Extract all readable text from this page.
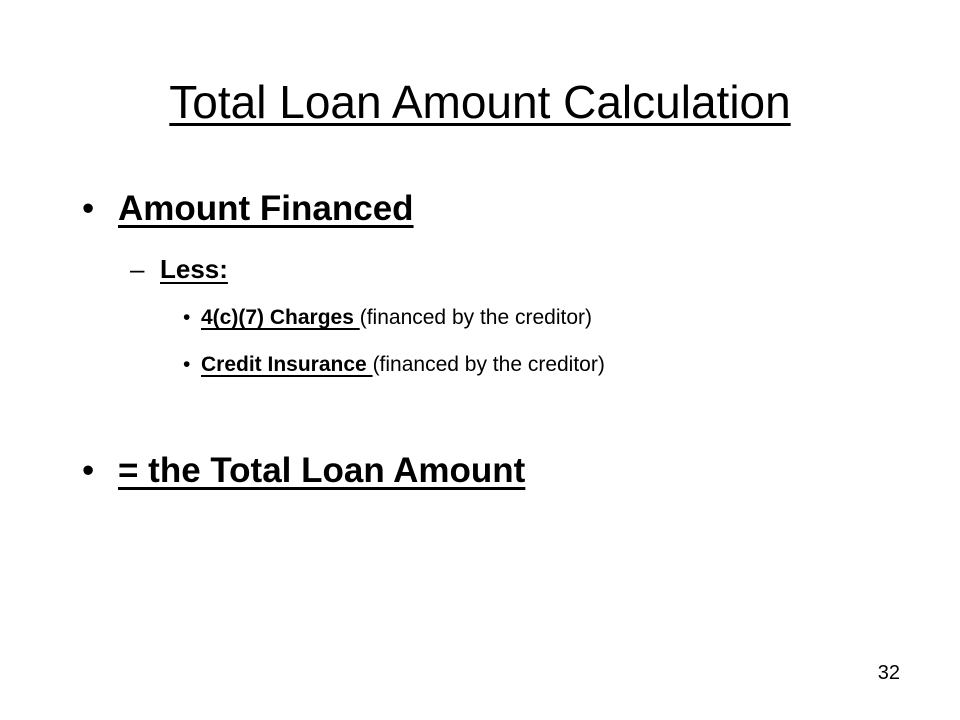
Total Loan Amount Calculation
• Amount Financed
– Less:
• 4(c)(7) Charges (financed by the creditor)
• Credit Insurance (financed by the creditor)
• = the Total Loan Amount
32
